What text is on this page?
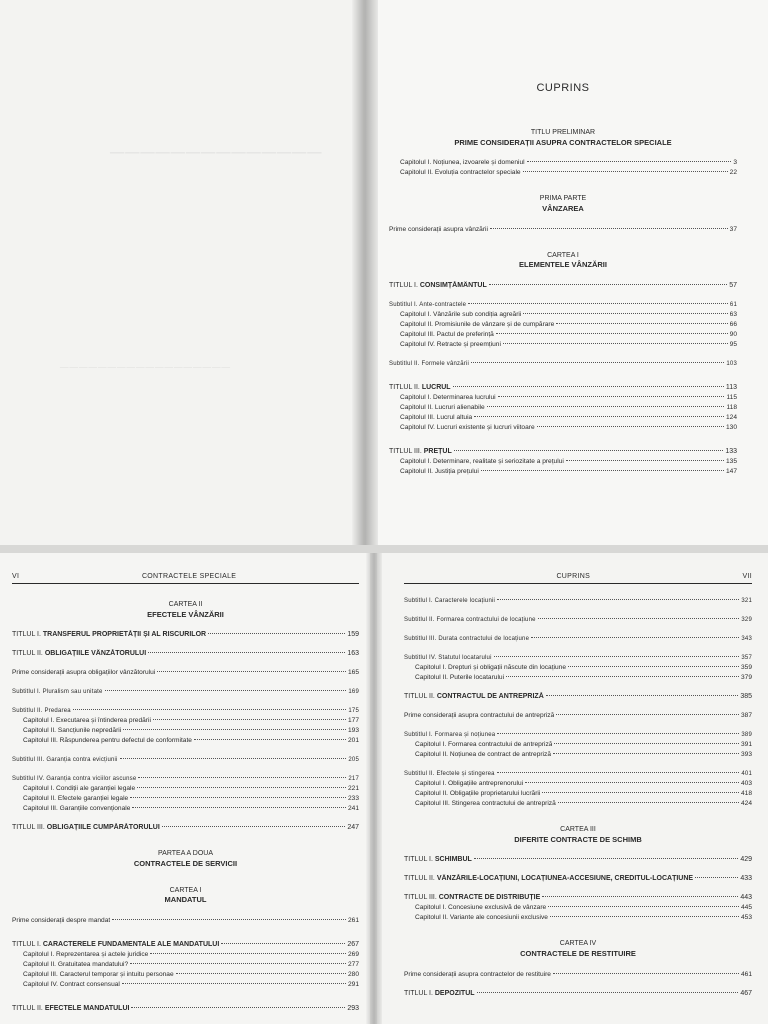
──────────────
──────────────────
CUPRINS
TITLU PRELIMINAR
PRIME CONSIDERAȚII ASUPRA CONTRACTELOR SPECIALE
Capitolul I. Noțiunea, izvoarele și domeniul	3
Capitolul II. Evoluția contractelor speciale	22
PRIMA PARTE
VÂNZAREA
Prime considerații asupra vânzării	37
CARTEA I
ELEMENTELE VÂNZĂRII
TITLUL I. CONSIMȚĂMÂNTUL	57
Subtitlul I. Ante-contractele	61
Capitolul I. Vânzările sub condiția agreării	63
Capitolul II. Promisiunile de vânzare și de cumpărare	66
Capitolul III. Pactul de preferință	90
Capitolul IV. Retracte și preemțiuni	95
Subtitlul II. Formele vânzării	103
TITLUL II. LUCRUL	113
Capitolul I. Determinarea lucrului	115
Capitolul II. Lucruri alienabile	118
Capitolul III. Lucrul altuia	124
Capitolul IV. Lucruri existente și lucruri viitoare	130
TITLUL III. PREȚUL	133
Capitolul I. Determinare, realitate și seriozitate a prețului	135
Capitolul II. Justiția prețului	147
VI	CONTRACTELE SPECIALE
CARTEA II
EFECTELE VÂNZĂRII
TITLUL I. TRANSFERUL PROPRIETĂȚII ȘI AL RISCURILOR	159
TITLUL II. OBLIGAȚIILE VÂNZĂTORULUI	163
Prime considerații asupra obligațiilor vânzătorului	165
Subtitlul I. Pluralism sau unitate	169
Subtitlul II. Predarea	175
Capitolul I. Executarea și întinderea predării	177
Capitolul II. Sancțiunile nepredării	193
Capitolul III. Răspunderea pentru defectul de conformitate	201
Subtitlul III. Garanția contra evicțiunii	205
Subtitlul IV. Garanția contra viciilor ascunse	217
Capitolul I. Condiții ale garanției legale	221
Capitolul II. Efectele garanției legale	233
Capitolul III. Garanțiile convenționale	241
TITLUL III. OBLIGAȚIILE CUMPĂRĂTORULUI	247
PARTEA A DOUA
CONTRACTELE DE SERVICII
CARTEA I
MANDATUL
Prime considerații despre mandat	261
TITLUL I. CARACTERELE FUNDAMENTALE ALE MANDATULUI	267
Capitolul I. Reprezentarea și actele juridice	269
Capitolul II. Gratuitatea mandatului?	277
Capitolul III. Caracterul temporar și intuitu personae	280
Capitolul IV. Contract consensual	291
TITLUL II. EFECTELE MANDATULUI	293
CUPRINS	VII
Subtitlul I. Caracterele locațiunii	321
Subtitlul II. Formarea contractului de locațiune	329
Subtitlul III. Durata contractului de locațiune	343
Subtitlul IV. Statutul locatarului	357
Capitolul I. Drepturi și obligații născute din locațiune	359
Capitolul II. Puterile locatarului	379
TITLUL II. CONTRACTUL DE ANTREPRIZĂ	385
Prime considerații asupra contractului de antrepriză	387
Subtitlul I. Formarea și noțiunea	389
Capitolul I. Formarea contractului de antrepriză	391
Capitolul II. Noțiunea de contract de antrepriză	393
Subtitlul II. Efectele și stingerea	401
Capitolul I. Obligațiile antreprenorului	403
Capitolul II. Obligațiile proprietarului lucrării	418
Capitolul III. Stingerea contractului de antrepriză	424
CARTEA III
DIFERITE CONTRACTE DE SCHIMB
TITLUL I. SCHIMBUL	429
TITLUL II. VÂNZĂRILE-LOCAȚIUNI, LOCAȚIUNEA-ACCESIUNE, CREDITUL-LOCAȚIUNE	433
TITLUL III. CONTRACTE DE DISTRIBUȚIE	443
Capitolul I. Concesiune exclusivă de vânzare	445
Capitolul II. Variante ale concesiunii exclusive	453
CARTEA IV
CONTRACTELE DE RESTITUIRE
Prime considerații asupra contractelor de restituire	461
TITLUL I. DEPOZITUL	467
